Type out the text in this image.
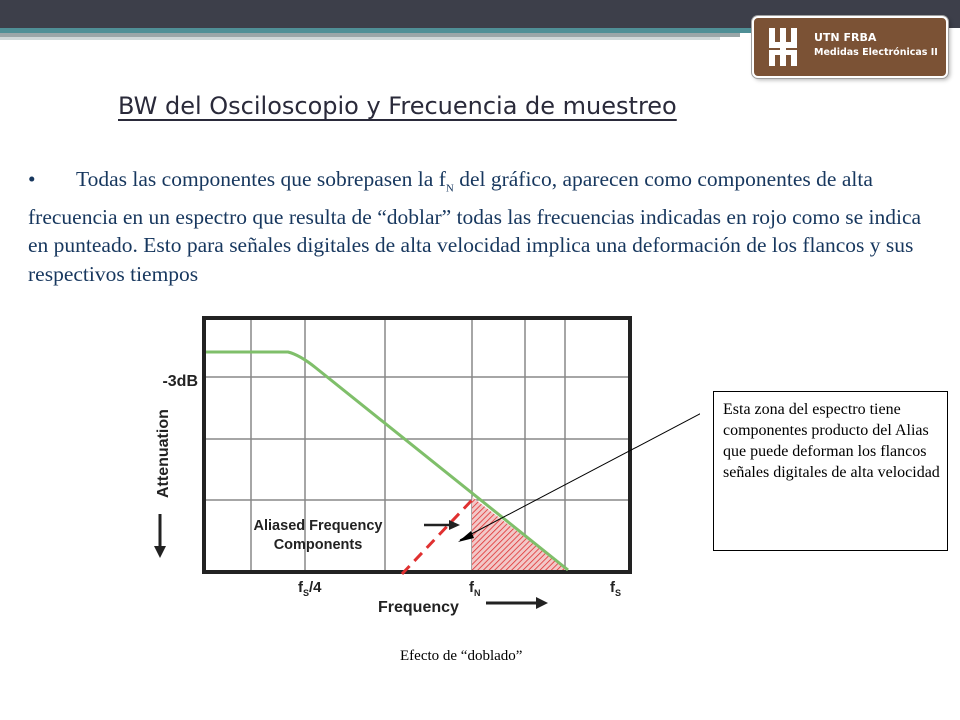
UTN FRBA
Medidas Electrónicas II
BW del Osciloscopio y Frecuencia de muestreo
• Todas las componentes que sobrepasen la $f_N$ del gráfico, aparecen como componentes de alta frecuencia en un espectro que resulta de “doblar” todas las frecuencias indicadas en rojo como se indica en punteado. Esto para señales digitales de alta velocidad implica una deformación de los flancos y sus respectivos tiempos
-3dB
Attenuation
Aliased Frequency
Components
$f_S/4$	$f_N$	$f_S$
Frequency
Esta zona del espectro tiene componentes producto del Alias que puede deforman los flancos señales digitales de alta velocidad
Efecto de “doblado”
